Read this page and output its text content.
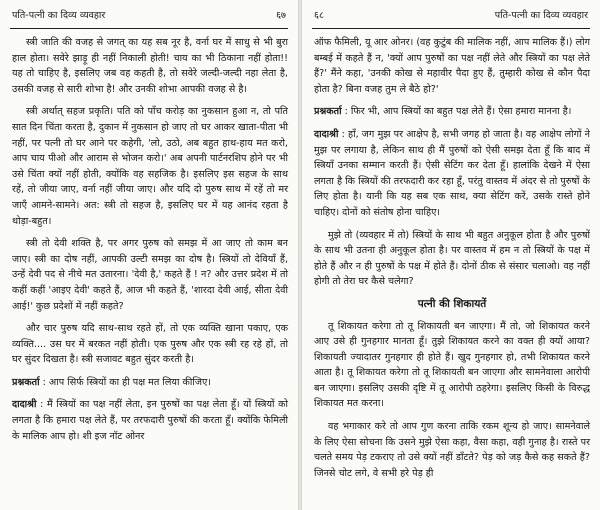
पति-पत्नी का दिव्य व्यवहार	६७

स्त्री जाति की वजह से जगत् का यह सब नूर है, वर्ना घर में साधु से भी बुरा हाल होता। सवेरे झाड़ू ही नहीं निकाली होती! चाय का भी ठिकाना नहीं होता!! यह तो चाहिए है, इसलिए जब वह कहती है, तो सवेरे जल्दी-जल्दी नहा लेता है, उसकी वजह से सारी शोभा है! और उनकी शोभा आपकी वजह से है।

स्त्री अर्थात् सहज प्रकृति। पति को पाँच करोड़ का नुकसान हुआ न, तो पति सात दिन चिंता करता है, दुकान में नुकसान हो जाए तो घर आकर खाता-पीता भी नहीं, पर पत्नी तो घर आने पर कहेगी, 'लो, उठो, अब बहुत हाथ-हाय मत करो, आप चाय पीओ और आराम से भोजन करो।' अब अपनी पार्टनरशिप होने पर भी उसे चिंता क्यों नहीं होती, क्योंकि वह सहजिक है। इसलिए इस सहज के साथ रहें, तो जीया जाए, वर्ना नहीं जीया जाए। और यदि दो पुरुष साथ में रहें तो मर जाएँ आमने-सामने। अत: स्त्री तो सहज है, इसलिए घर में यह आनंद रहता है थोड़ा-बहुत।

स्त्री तो देवी शक्ति है, पर अगर पुरुष को समझ में आ जाए तो काम बन जाए। स्त्री का दोष नहीं, आपकी उल्टी समझ का दोष है। स्त्रियों तो देवियाँ हैं, उन्हें देवी पद से नीचे मत उतारना। 'देवी है,' कहते हैं ! न? और उत्तर प्रदेश में तो कहीं कहीं 'आइए देवी' कहते हैं, आज भी कहते हैं, 'शारदा देवी आई, सीता देवी आई!' कुछ प्रदेशों में नहीं कहते?

और चार पुरुष यदि साथ-साथ रहते हों, तो एक व्यक्ति खाना पकाए, एक व्यक्ति.... उस घर में बरकत नहीं होती। एक पुरुष और एक स्त्री रह रहे हों, तो घर सुंदर दिखता है। स्त्री सजावट बहुत सुंदर करती है।

प्रश्नकर्ता : आप सिर्फ स्त्रियों का ही पक्ष मत लिया कीजिए।

दादाश्री : मैं स्त्रियों का पक्ष नहीं लेता, इन पुरुषों का पक्ष लेता हूँ। यों स्त्रियों को लगता है कि हमारा पक्ष लेते हैं, पर तरफदारी पुरुषों की करता हूँ। क्योंकि फेमिली के मालिक आप हो। शी इज नॉट ओनर

६८	पति-पत्नी का दिव्य व्यवहार

ऑफ फैमिली, यू आर ओनर। (वह कुटुंब की मालिक नहीं, आप मालिक हैं।) लोग बम्बई में कहते हैं न, 'क्यों आप पुरुषों का पक्ष नहीं लेते और स्त्रियों का पक्ष लेते हैं?' मैंने कहा, 'उनकी कोख से महावीर पैदा हुए हैं, तुम्हारी कोख से कौन पैदा होता है? बिना वजह तुम ले बैठे हो?'

प्रश्नकर्ता : फिर भी, आप स्त्रियों का बहुत पक्ष लेते हैं। ऐसा हमारा मानना है।

दादाश्री : हाँ, जग मुझ पर आक्षेप है, सभी जगह हो जाता है। वह आक्षेप लोगों ने मुझ पर लगाया है, लेकिन साथ ही मैं पुरुषों को ऐसी समझ देता हूँ कि बाद में स्त्रियाँ उनका सम्मान करती हैं। ऐसी सेटिंग कर देता हूँ। हालांकि देखने में ऐसा लगता है कि स्त्रियों की तरफदारी कर रहा हूँ, परंतु वास्तव में अंदर से तो पुरुषों के लिए होता है। यानी कि यह सब एक साथ, क्या सेटिंग करें, उसके रास्ते होने चाहिए। दोनों को संतोष होना चाहिए।

मुझे तो (व्यवहार में तो) स्त्रियों के साथ भी बहुत अनुकूल होता है और पुरुषों के साथ भी उतना ही अनुकूल होता है। पर वास्तव में हम न तो स्त्रियों के पक्ष में होते हैं और न ही पुरुषों के पक्ष में होते हैं। दोनों ठीक से संसार चलाओ। वह नहीं होगी तो तेरा घर कैसे चलेगा?

पत्नी की शिकायतें

तू शिकायत करेगा तो तू शिकायती बन जाएगा। मैं तो, जो शिकायत करने आए उसे ही गुनहगार मानता हूँ। तुझे शिकायत करने का वक्त ही क्यों आया? शिकायती ज्यादातर गुनहगार ही होते हैं। खुद गुनहगार हो, तभी शिकायत करने आता है। तू शिकायत करेगा तो तू शिकायती बन जाएगा और सामनेवाला आरोपी बन जाएगा। इसलिए उसकी दृष्टि में तू आरोपी ठहरेगा। इसलिए किसी के विरुद्ध शिकायत मत करना।

वह भगाकार करे तो आप गुण करना ताकि रकम शून्य हो जाए। सामनेवाले के लिए ऐसा सोचना कि उसने मुझे ऐसा कहा, वैसा कहा, वही गुनाह है। रास्ते पर चलते समय पेड़ टकराए तो उसे क्यों नहीं डाँटते? पेड़ को जड़ कैसे कह सकते हैं? जिनसे चोट लगे, वे सभी हरे पेड़ ही
